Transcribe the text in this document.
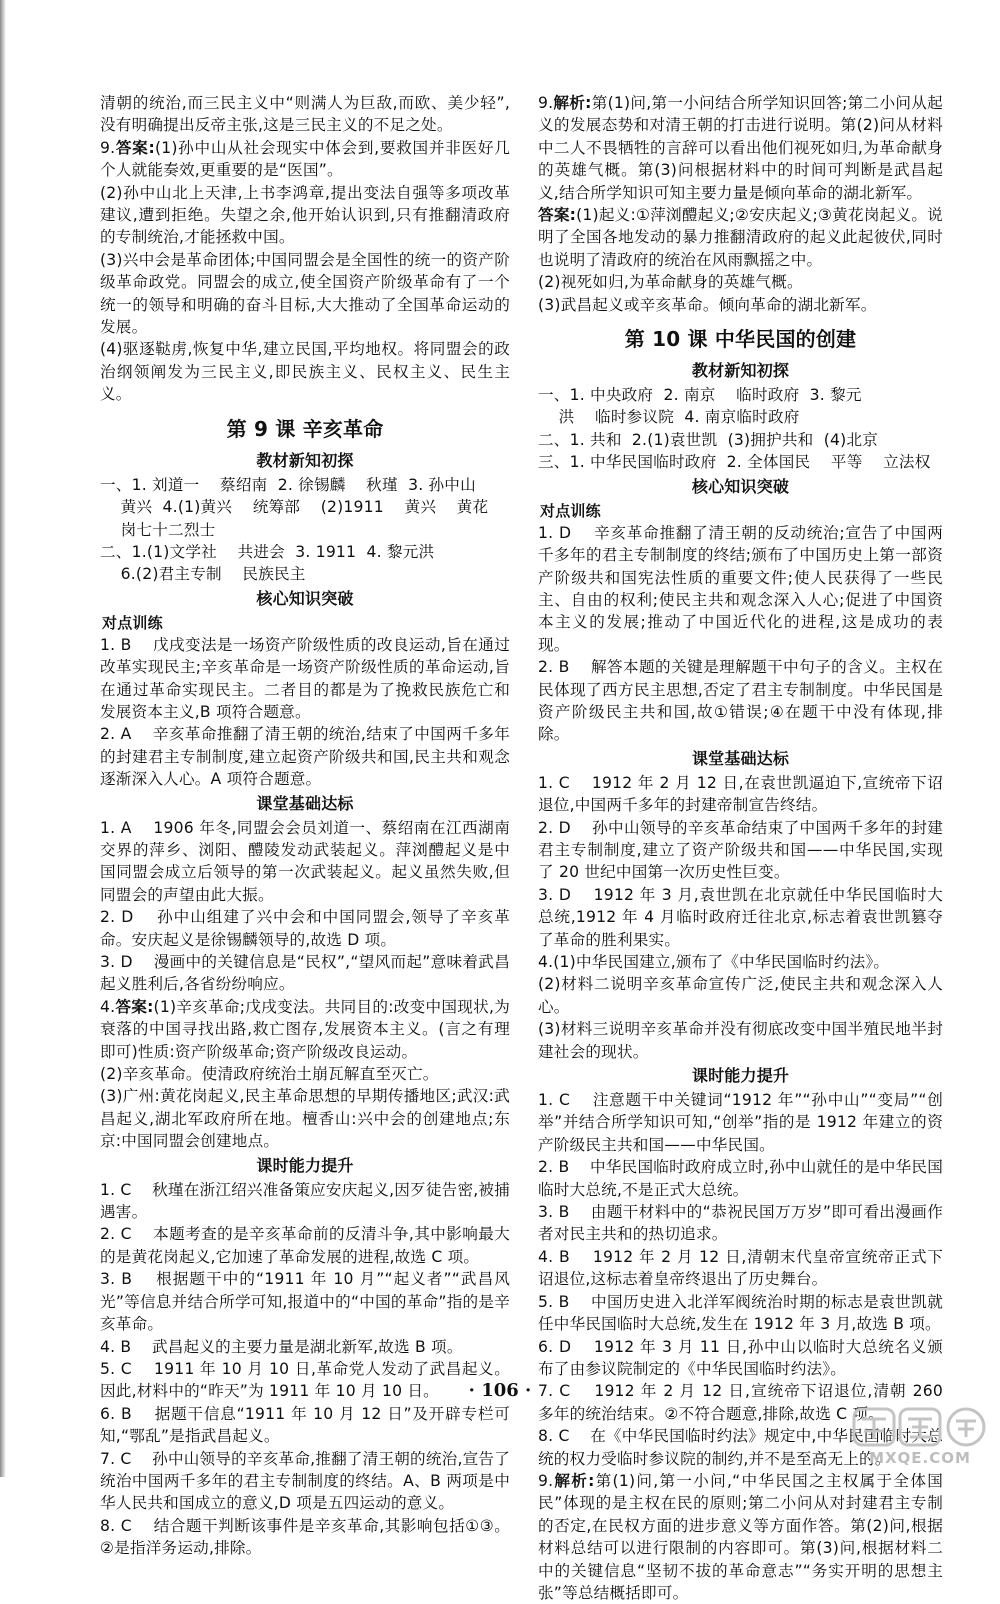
清朝的统治,而三民主义中“则满人为巨敌,而欧、美少轻”,没有明确提出反帝主张,这是三民主义的不足之处。

9.答案:(1)孙中山从社会现实中体会到,要救国并非医好几个人就能奏效,更重要的是“医国”。

(2)孙中山北上天津,上书李鸿章,提出变法自强等多项改革建议,遭到拒绝。失望之余,他开始认识到,只有推翻清政府的专制统治,才能拯救中国。

(3)兴中会是革命团体;中国同盟会是全国性的统一的资产阶级革命政党。同盟会的成立,使全国资产阶级革命有了一个统一的领导和明确的奋斗目标,大大推动了全国革命运动的发展。

(4)驱逐鞑虏,恢复中华,建立民国,平均地权。将同盟会的政治纲领阐发为三民主义,即民族主义、民权主义、民生主义。

第 9 课 辛亥革命
教材新知初探

一、1. 刘道一    蔡绍南  2. 徐锡麟    秋瑾  3. 孙中山
黄兴  4.(1)黄兴    统筹部    (2)1911    黄兴    黄花
岗七十二烈士

二、1.(1)文学社    共进会  3. 1911  4. 黎元洪
6.(2)君主专制    民族民主

核心知识突破
对点训练

1. B    戊戌变法是一场资产阶级性质的改良运动,旨在通过改革实现民主;辛亥革命是一场资产阶级性质的革命运动,旨在通过革命实现民主。二者目的都是为了挽救民族危亡和发展资本主义,B 项符合题意。

2. A    辛亥革命推翻了清王朝的统治,结束了中国两千多年的封建君主专制制度,建立起资产阶级共和国,民主共和观念逐渐深入人心。A 项符合题意。

课堂基础达标

1. A    1906 年冬,同盟会会员刘道一、蔡绍南在江西湖南交界的萍乡、浏阳、醴陵发动武装起义。萍浏醴起义是中国同盟会成立后领导的第一次武装起义。起义虽然失败,但同盟会的声望由此大振。

2. D    孙中山组建了兴中会和中国同盟会,领导了辛亥革命。安庆起义是徐锡麟领导的,故选 D 项。

3. D    漫画中的关键信息是“民权”,“望风而起”意味着武昌起义胜利后,各省纷纷响应。

4.答案:(1)辛亥革命;戊戌变法。共同目的:改变中国现状,为衰落的中国寻找出路,救亡图存,发展资本主义。(言之有理即可)性质:资产阶级革命;资产阶级改良运动。

(2)辛亥革命。使清政府统治土崩瓦解直至灭亡。

(3)广州:黄花岗起义,民主革命思想的早期传播地区;武汉:武昌起义,湖北军政府所在地。檀香山:兴中会的创建地点;东京:中国同盟会创建地点。

课时能力提升

1. C    秋瑾在浙江绍兴准备策应安庆起义,因歹徒告密,被捕遇害。

2. C    本题考查的是辛亥革命前的反清斗争,其中影响最大的是黄花岗起义,它加速了革命发展的进程,故选 C 项。

3. B    根据题干中的“1911 年 10 月”“起义者”“武昌风光”等信息并结合所学可知,报道中的“中国的革命”指的是辛亥革命。

4. B    武昌起义的主要力量是湖北新军,故选 B 项。

5. C    1911 年 10 月 10 日,革命党人发动了武昌起义。因此,材料中的“昨天”为 1911 年 10 月 10 日。

6. B    据题干信息“1911 年 10 月 12 日”及开辟专栏可知,“鄂乱”是指武昌起义。

7. C    孙中山领导的辛亥革命,推翻了清王朝的统治,宣告了统治中国两千多年的君主专制制度的终结。A、B 两项是中华人民共和国成立的意义,D 项是五四运动的意义。

8. C    结合题干判断该事件是辛亥革命,其影响包括①③。②是指洋务运动,排除。

9.解析:第(1)问,第一小问结合所学知识回答;第二小问从起义的发展态势和对清王朝的打击进行说明。第(2)问从材料中二人不畏牺牲的言辞可以看出他们视死如归,为革命献身的英雄气概。第(3)问根据材料中的时间可判断是武昌起义,结合所学知识可知主要力量是倾向革命的湖北新军。

答案:(1)起义:①萍浏醴起义;②安庆起义;③黄花岗起义。说明了全国各地发动的暴力推翻清政府的起义此起彼伏,同时也说明了清政府的统治在风雨飘摇之中。

(2)视死如归,为革命献身的英雄气概。

(3)武昌起义或辛亥革命。倾向革命的湖北新军。

第 10 课 中华民国的创建
教材新知初探

一、1. 中央政府  2. 南京    临时政府  3. 黎元
洪    临时参议院  4. 南京临时政府

二、1. 共和  2.(1)袁世凯  (3)拥护共和  (4)北京

三、1. 中华民国临时政府  2. 全体国民    平等    立法权

核心知识突破
对点训练

1. D    辛亥革命推翻了清王朝的反动统治;宣告了中国两千多年的君主专制制度的终结;颁布了中国历史上第一部资产阶级共和国宪法性质的重要文件;使人民获得了一些民主、自由的权利;使民主共和观念深入人心;促进了中国资本主义的发展;推动了中国近代化的进程,这是成功的表现。

2. B    解答本题的关键是理解题干中句子的含义。主权在民体现了西方民主思想,否定了君主专制制度。中华民国是资产阶级民主共和国,故①错误;④在题干中没有体现,排除。

课堂基础达标

1. C    1912 年 2 月 12 日,在袁世凯逼迫下,宣统帝下诏退位,中国两千多年的封建帝制宣告终结。

2. D    孙中山领导的辛亥革命结束了中国两千多年的封建君主专制制度,建立了资产阶级共和国——中华民国,实现了 20 世纪中国第一次历史性巨变。

3. D    1912 年 3 月,袁世凯在北京就任中华民国临时大总统,1912 年 4 月临时政府迁往北京,标志着袁世凯篡夺了革命的胜利果实。

4.(1)中华民国建立,颁布了《中华民国临时约法》。

(2)材料二说明辛亥革命宣传广泛,使民主共和观念深入人心。

(3)材料三说明辛亥革命并没有彻底改变中国半殖民地半封建社会的现状。

课时能力提升

1. C    注意题干中关键词“1912 年”“孙中山”“变局”“创举”并结合所学知识可知,“创举”指的是 1912 年建立的资产阶级民主共和国——中华民国。

2. B    中华民国临时政府成立时,孙中山就任的是中华民国临时大总统,不是正式大总统。

3. B    由题干材料中的“恭祝民国万万岁”即可看出漫画作者对民主共和的热切追求。

4. B    1912 年 2 月 12 日,清朝末代皇帝宣统帝正式下诏退位,这标志着皇帝终退出了历史舞台。

5. B    中国历史进入北洋军阀统治时期的标志是袁世凯就任中华民国临时大总统,发生在 1912 年 3 月,故选 B 项。

6. D    1912 年 3 月 11 日,孙中山以临时大总统名义颁布了由参议院制定的《中华民国临时约法》。

7. C    1912 年 2 月 12 日,宣统帝下诏退位,清朝 260 多年的统治结束。②不符合题意,排除,故选 C 项。

8. C    在《中华民国临时约法》规定中,中华民国临时大总统的权力受临时参议院的制约,并不是至高无上的。

9.解析:第(1)问,第一小问,“中华民国之主权属于全体国民”体现的是主权在民的原则;第二小问从对封建君主专制的否定,在民权方面的进步意义等方面作答。第(2)问,根据材料总结可以进行限制的内容即可。第(3)问,根据材料二中的关键信息“坚韧不拔的革命意志”“务实开明的思想主张”等总结概括即可。

· 106 ·
MXQE.COM
